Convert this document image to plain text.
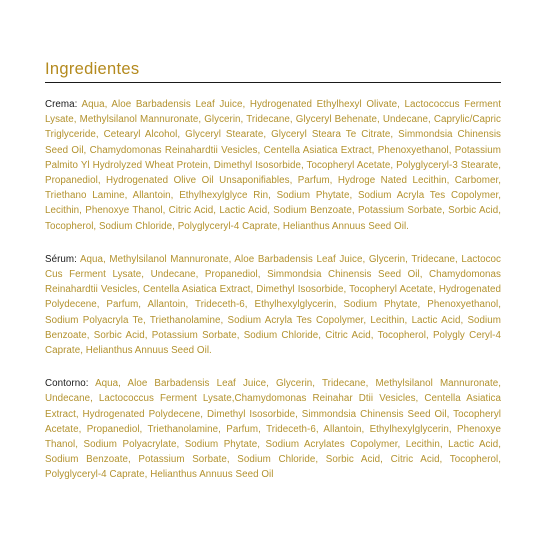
Ingredientes

Crema: Aqua, Aloe Barbadensis Leaf Juice, Hydrogenated Ethylhexyl Olivate, Lactococcus Ferment Lysate, Methylsilanol Mannuronate, Glycerin, Tridecane, Glyceryl Behenate, Undecane, Caprylic/Capric Triglyceride, Cetearyl Alcohol, Glyceryl Stearate, Glyceryl Steara Te Citrate, Simmondsia Chinensis Seed Oil, Chamydomonas Reinahardtii Vesicles, Centella Asiatica Extract, Phenoxyethanol, Potassium Palmito Yl Hydrolyzed Wheat Protein, Dimethyl Isosorbide, Tocopheryl Acetate, Polyglyceryl-3 Stearate, Propanediol, Hydrogenated Olive Oil Unsaponifiables, Parfum, Hydroge Nated Lecithin, Carbomer, Triethano Lamine, Allantoin, Ethylhexylglyce Rin, Sodium Phytate, Sodium Acryla Tes Copolymer, Lecithin, Phenoxye Thanol, Citric Acid, Lactic Acid, Sodium Benzoate, Potassium Sorbate, Sorbic Acid, Tocopherol, Sodium Chloride, Polyglyceryl-4 Caprate, Helianthus Annuus Seed Oil.

Sérum: Aqua, Methylsilanol Mannuronate, Aloe Barbadensis Leaf Juice, Glycerin, Tridecane, Lactococ Cus Ferment Lysate, Undecane, Propanediol, Simmondsia Chinensis Seed Oil, Chamydomonas Reinahardtii Vesicles, Centella Asiatica Extract, Dimethyl Isosorbide, Tocopheryl Acetate, Hydrogenated Polydecene, Parfum, Allantoin, Trideceth-6, Ethylhexylglycerin, Sodium Phytate, Phenoxyethanol, Sodium Polyacryla Te, Triethanolamine, Sodium Acryla Tes Copolymer, Lecithin, Lactic Acid, Sodium Benzoate, Sorbic Acid, Potassium Sorbate, Sodium Chloride, Citric Acid, Tocopherol, Polygly Ceryl-4 Caprate, Helianthus Annuus Seed Oil.

Contorno: Aqua, Aloe Barbadensis Leaf Juice, Glycerin, Tridecane, Methylsilanol Mannuronate, Undecane, Lactococcus Ferment Lysate,Chamydomonas Reinahar Dtii Vesicles, Centella Asiatica Extract, Hydrogenated Polydecene, Dimethyl Isosorbide, Simmondsia Chinensis Seed Oil, Tocopheryl Acetate, Propanediol, Triethanolamine, Parfum, Trideceth-6, Allantoin, Ethylhexylglycerin, Phenoxye Thanol, Sodium Polyacrylate, Sodium Phytate, Sodium Acrylates Copolymer, Lecithin, Lactic Acid, Sodium Benzoate, Potassium Sorbate, Sodium Chloride, Sorbic Acid, Citric Acid, Tocopherol, Polyglyceryl-4 Caprate, Helianthus Annuus Seed Oil
